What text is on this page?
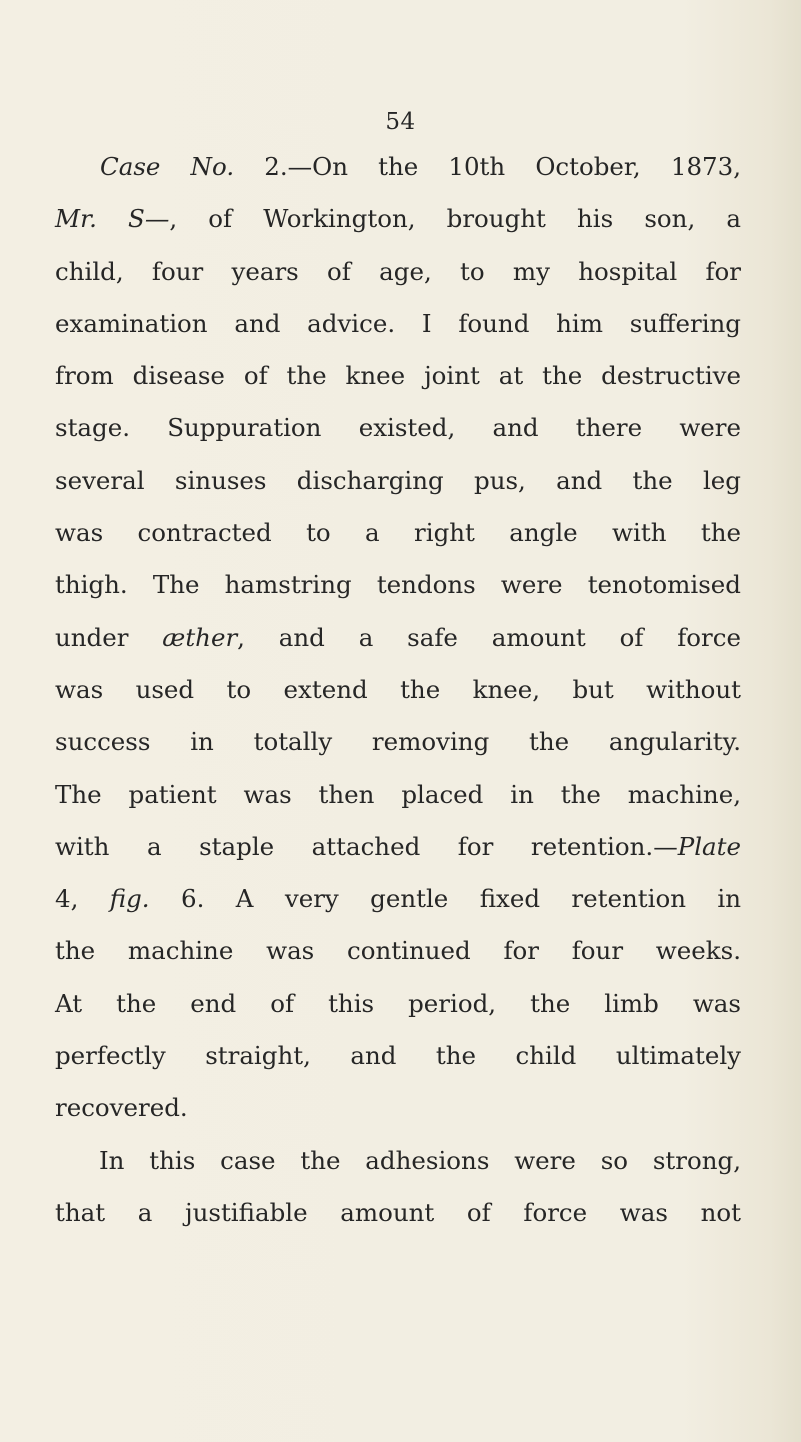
54
Case No. 2.—On the 10th October, 1873,
Mr. S—, of Workington, brought his son, a
child, four years of age, to my hospital for
examination and advice. I found him suffering
from disease of the knee joint at the destructive
stage. Suppuration existed, and there were
several sinuses discharging pus, and the leg
was contracted to a right angle with the
thigh. The hamstring tendons were tenotomised
under æther, and a safe amount of force
was used to extend the knee, but without
success in totally removing the angularity.
The patient was then placed in the machine,
with a staple attached for retention.—Plate
4, fig. 6. A very gentle fixed retention in
the machine was continued for four weeks.
At the end of this period, the limb was
perfectly straight, and the child ultimately
recovered.
In this case the adhesions were so strong,
that a justifiable amount of force was not
